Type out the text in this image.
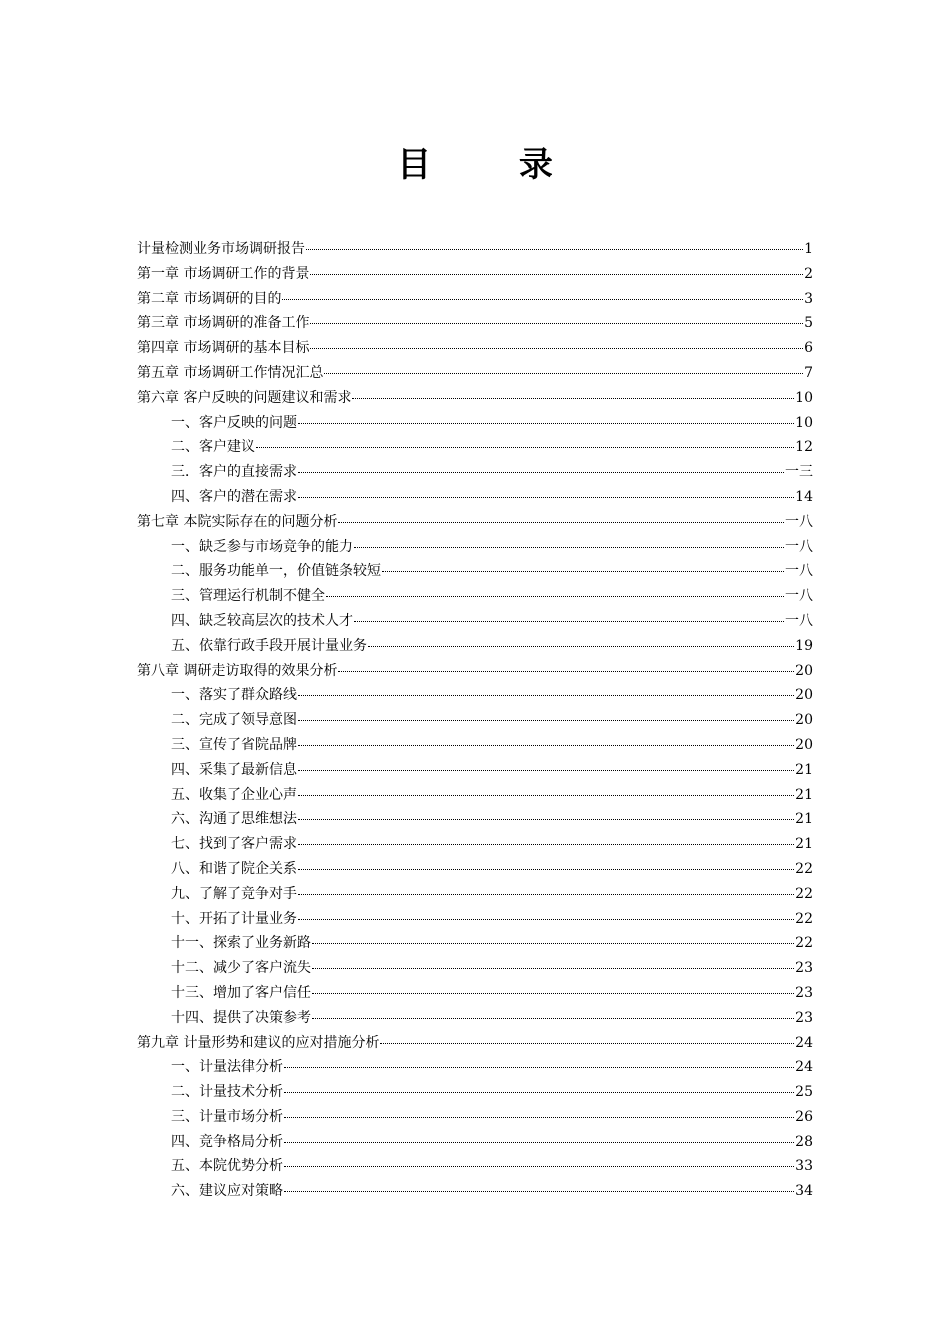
目 录
计量检测业务市场调研报告	1
第一章 市场调研工作的背景	2
第二章 市场调研的目的	3
第三章 市场调研的准备工作	5
第四章 市场调研的基本目标	6
第五章 市场调研工作情况汇总	7
第六章 客户反映的问题建议和需求	10
一、客户反映的问题	10
二、客户建议	12
三．客户的直接需求	一三
四、客户的潜在需求	14
第七章 本院实际存在的问题分析	一八
一、缺乏参与市场竞争的能力	一八
二、服务功能单一，价值链条较短	一八
三、管理运行机制不健全	一八
四、缺乏较高层次的技术人才	一八
五、依靠行政手段开展计量业务	19
第八章 调研走访取得的效果分析	20
一、落实了群众路线	20
二、完成了领导意图	20
三、宣传了省院品牌	20
四、采集了最新信息	21
五、收集了企业心声	21
六、沟通了思维想法	21
七、找到了客户需求	21
八、和谐了院企关系	22
九、了解了竞争对手	22
十、开拓了计量业务	22
十一、探索了业务新路	22
十二、减少了客户流失	23
十三、增加了客户信任	23
十四、提供了决策参考	23
第九章 计量形势和建议的应对措施分析	24
一、计量法律分析	24
二、计量技术分析	25
三、计量市场分析	26
四、竞争格局分析	28
五、本院优势分析	33
六、建议应对策略	34
